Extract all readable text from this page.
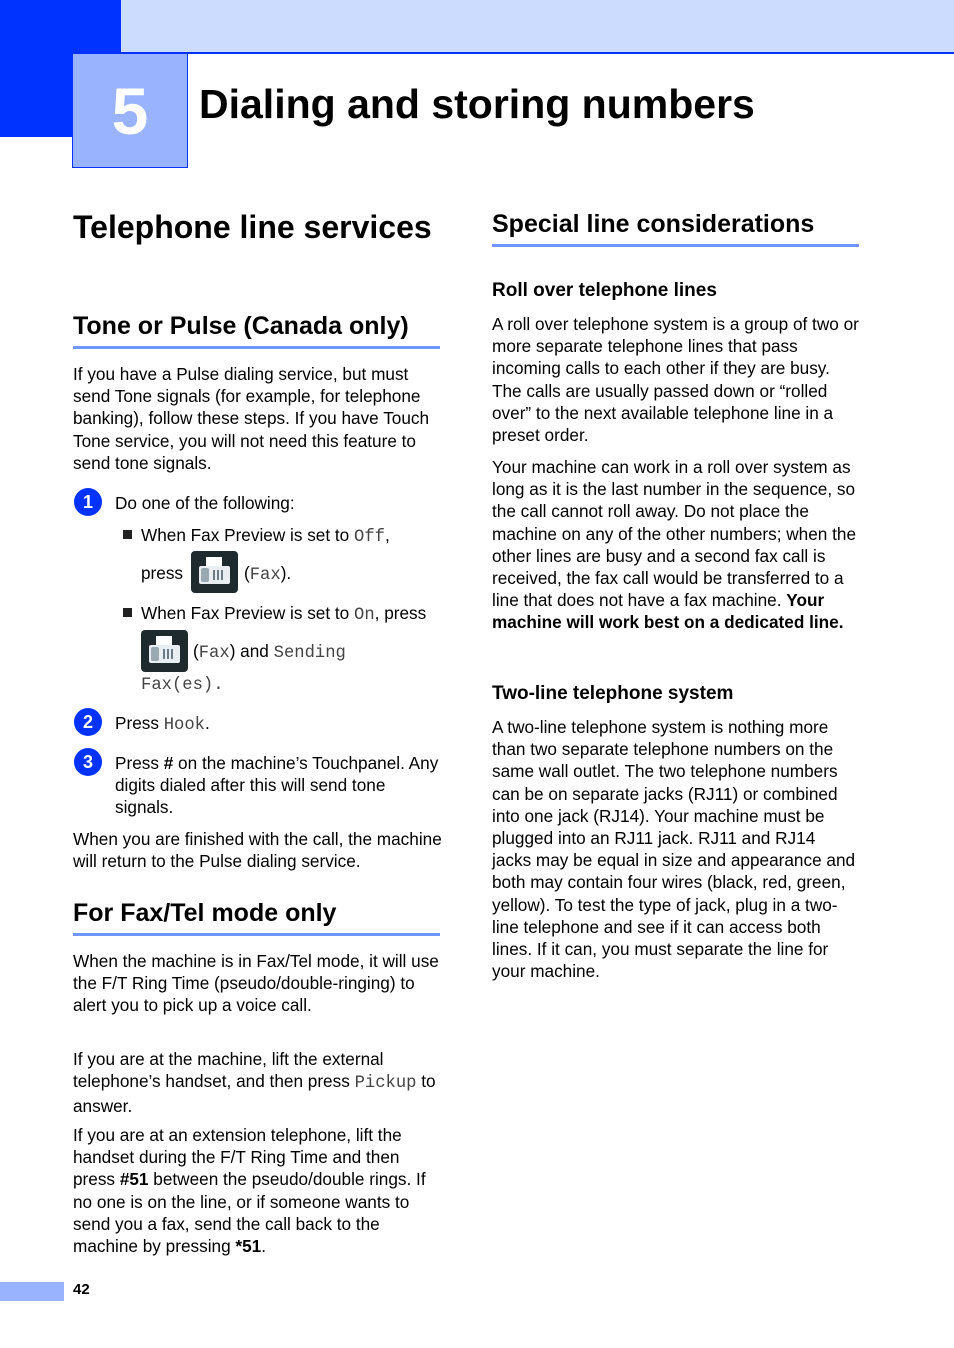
5	Dialing and storing numbers
Telephone line services
Tone or Pulse (Canada only)

If you have a Pulse dialing service, but must send Tone signals (for example, for telephone banking), follow these steps. If you have Touch Tone service, you will not need this feature to send tone signals.

1	Do one of the following:

When Fax Preview is set to Off,

press	(Fax).

When Fax Preview is set to On, press

(Fax) and Sending

Fax(es).

2	Press Hook.

3	Press # on the machine’s Touchpanel. Any digits dialed after this will send tone signals.

When you are finished with the call, the machine will return to the Pulse dialing service.

For Fax/Tel mode only

When the machine is in Fax/Tel mode, it will use the F/T Ring Time (pseudo/double-ringing) to alert you to pick up a voice call.

If you are at the machine, lift the external telephone’s handset, and then press Pickup to answer.

If you are at an extension telephone, lift the handset during the F/T Ring Time and then press #51 between the pseudo/double rings. If no one is on the line, or if someone wants to send you a fax, send the call back to the machine by pressing *51.

Special line considerations
Roll over telephone lines

A roll over telephone system is a group of two or more separate telephone lines that pass incoming calls to each other if they are busy. The calls are usually passed down or “rolled over” to the next available telephone line in a preset order.

Your machine can work in a roll over system as long as it is the last number in the sequence, so the call cannot roll away. Do not place the machine on any of the other numbers; when the other lines are busy and a second fax call is received, the fax call would be transferred to a line that does not have a fax machine. Your machine will work best on a dedicated line.

Two-line telephone system

A two-line telephone system is nothing more than two separate telephone numbers on the same wall outlet. The two telephone numbers can be on separate jacks (RJ11) or combined into one jack (RJ14). Your machine must be plugged into an RJ11 jack. RJ11 and RJ14 jacks may be equal in size and appearance and both may contain four wires (black, red, green, yellow). To test the type of jack, plug in a two-line telephone and see if it can access both lines. If it can, you must separate the line for your machine.

42
